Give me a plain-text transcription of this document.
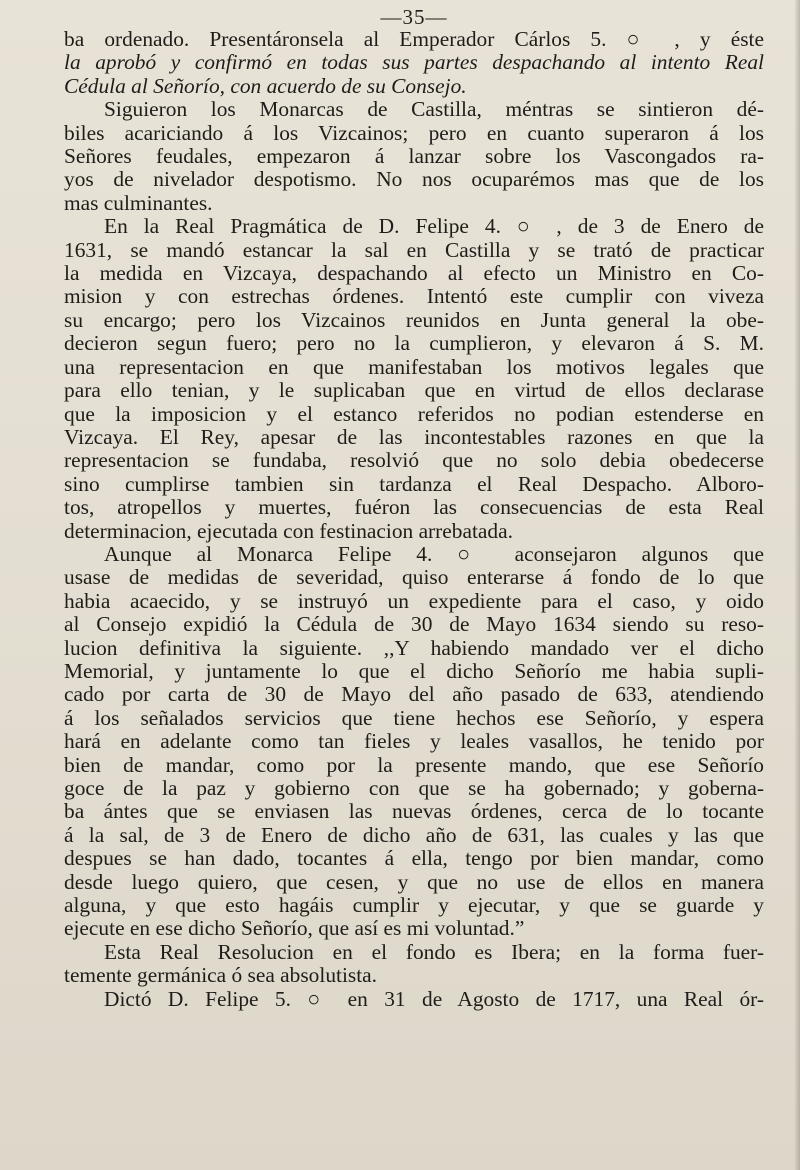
—35—
ba ordenado. Presentáronsela al Emperador Cárlos 5. ○ , y éste
la aprobó y confirmó en todas sus partes despachando al intento Real
Cédula al Señorío, con acuerdo de su Consejo.
Siguieron los Monarcas de Castilla, méntras se sintieron dé-
biles acariciando á los Vizcainos; pero en cuanto superaron á los
Señores feudales, empezaron á lanzar sobre los Vascongados ra-
yos de nivelador despotismo. No nos ocuparémos mas que de los
mas culminantes.
En la Real Pragmática de D. Felipe 4. ○ , de 3 de Enero de
1631, se mandó estancar la sal en Castilla y se trató de practicar
la medida en Vizcaya, despachando al efecto un Ministro en Co-
mision y con estrechas órdenes. Intentó este cumplir con viveza
su encargo; pero los Vizcainos reunidos en Junta general la obe-
decieron segun fuero; pero no la cumplieron, y elevaron á S. M.
una representacion en que manifestaban los motivos legales que
para ello tenian, y le suplicaban que en virtud de ellos declarase
que la imposicion y el estanco referidos no podian estenderse en
Vizcaya. El Rey, apesar de las incontestables razones en que la
representacion se fundaba, resolvió que no solo debia obedecerse
sino cumplirse tambien sin tardanza el Real Despacho. Alboro-
tos, atropellos y muertes, fuéron las consecuencias de esta Real
determinacion, ejecutada con festinacion arrebatada.
Aunque al Monarca Felipe 4. ○ aconsejaron algunos que
usase de medidas de severidad, quiso enterarse á fondo de lo que
habia acaecido, y se instruyó un expediente para el caso, y oido
al Consejo expidió la Cédula de 30 de Mayo 1634 siendo su reso-
lucion definitiva la siguiente. ,,Y habiendo mandado ver el dicho
Memorial, y juntamente lo que el dicho Señorío me habia supli-
cado por carta de 30 de Mayo del año pasado de 633, atendiendo
á los señalados servicios que tiene hechos ese Señorío, y espera
hará en adelante como tan fieles y leales vasallos, he tenido por
bien de mandar, como por la presente mando, que ese Señorío
goce de la paz y gobierno con que se ha gobernado; y goberna-
ba ántes que se enviasen las nuevas órdenes, cerca de lo tocante
á la sal, de 3 de Enero de dicho año de 631, las cuales y las que
despues se han dado, tocantes á ella, tengo por bien mandar, como
desde luego quiero, que cesen, y que no use de ellos en manera
alguna, y que esto hagáis cumplir y ejecutar, y que se guarde y
ejecute en ese dicho Señorío, que así es mi voluntad.”
Esta Real Resolucion en el fondo es Ibera; en la forma fuer-
temente germánica ó sea absolutista.
Dictó D. Felipe 5. ○ en 31 de Agosto de 1717, una Real ór-
